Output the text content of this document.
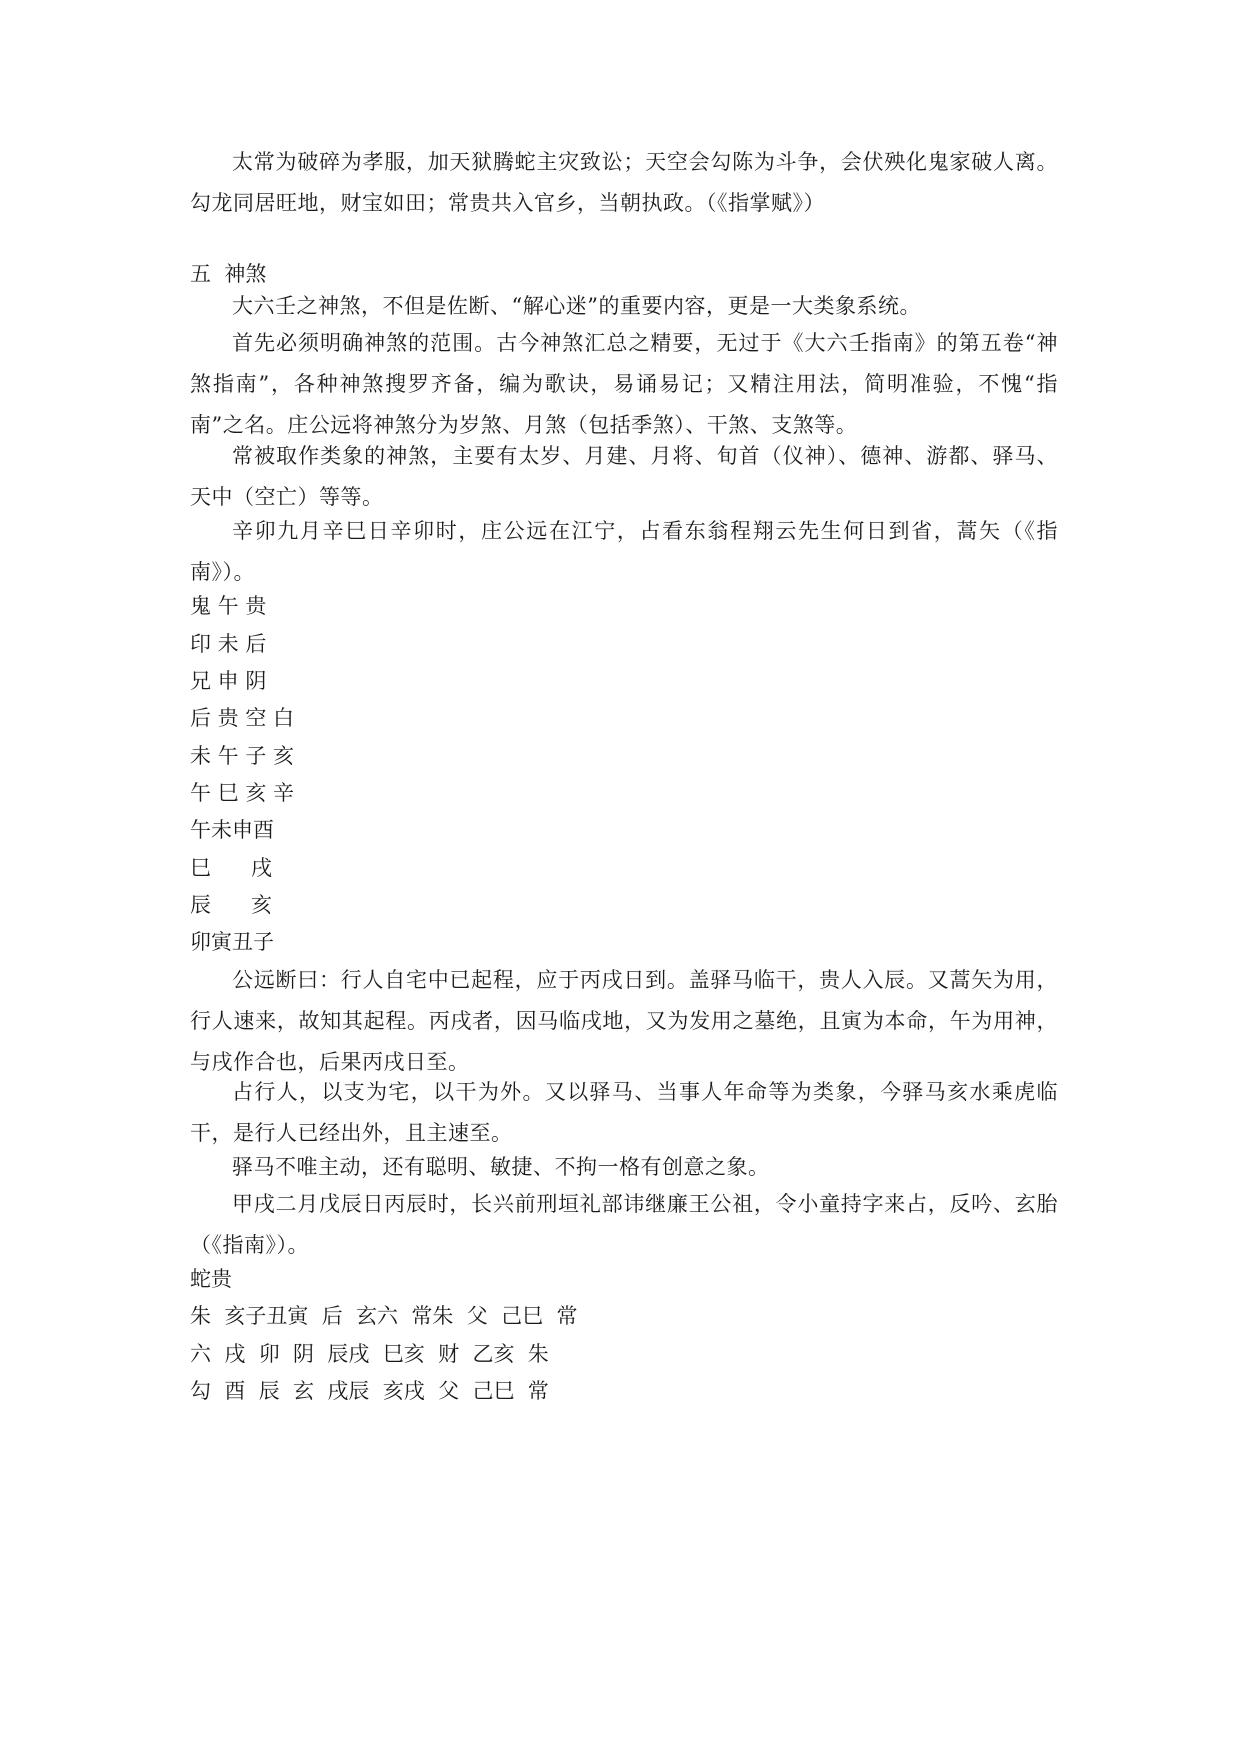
太常为破碎为孝服，加天狱腾蛇主灾致讼；天空会勾陈为斗争，会伏殃化鬼家破人离。勾龙同居旺地，财宝如田；常贵共入官乡，当朝执政。（《指掌赋》）

五  神煞

大六壬之神煞，不但是佐断、“解心迷”的重要内容，更是一大类象系统。

首先必须明确神煞的范围。古今神煞汇总之精要，无过于《大六壬指南》的第五卷“神煞指南”，各种神煞搜罗齐备，编为歌诀，易诵易记；又精注用法，简明准验，不愧“指南”之名。庄公远将神煞分为岁煞、月煞（包括季煞）、干煞、支煞等。

常被取作类象的神煞，主要有太岁、月建、月将、旬首（仪神）、德神、游都、驿马、天中（空亡）等等。

辛卯九月辛巳日辛卯时，庄公远在江宁，占看东翁程翔云先生何日到省，蒿矢（《指南》）。

鬼 午 贵
印 未 后
兄 申 阴
后 贵 空 白
未 午 子 亥
午 巳 亥 辛
午未申酉
巳      戌
辰      亥
卯寅丑子

公远断曰：行人自宅中已起程，应于丙戌日到。盖驿马临干，贵人入辰。又蒿矢为用，行人速来，故知其起程。丙戌者，因马临戌地，又为发用之墓绝，且寅为本命，午为用神，与戌作合也，后果丙戌日至。

占行人，以支为宅，以干为外。又以驿马、当事人年命等为类象，今驿马亥水乘虎临干，是行人已经出外，且主速至。

驿马不唯主动，还有聪明、敏捷、不拘一格有创意之象。

甲戌二月戊辰日丙辰时，长兴前刑垣礼部讳继廉王公祖，令小童持字来占，反吟、玄胎（《指南》）。

蛇贵
朱  亥子丑寅  后  玄六  常朱  父  己巳  常
六  戌  卯  阴  辰戌  巳亥  财  乙亥  朱
勾  酉  辰  玄  戌辰  亥戌  父  己巳  常
